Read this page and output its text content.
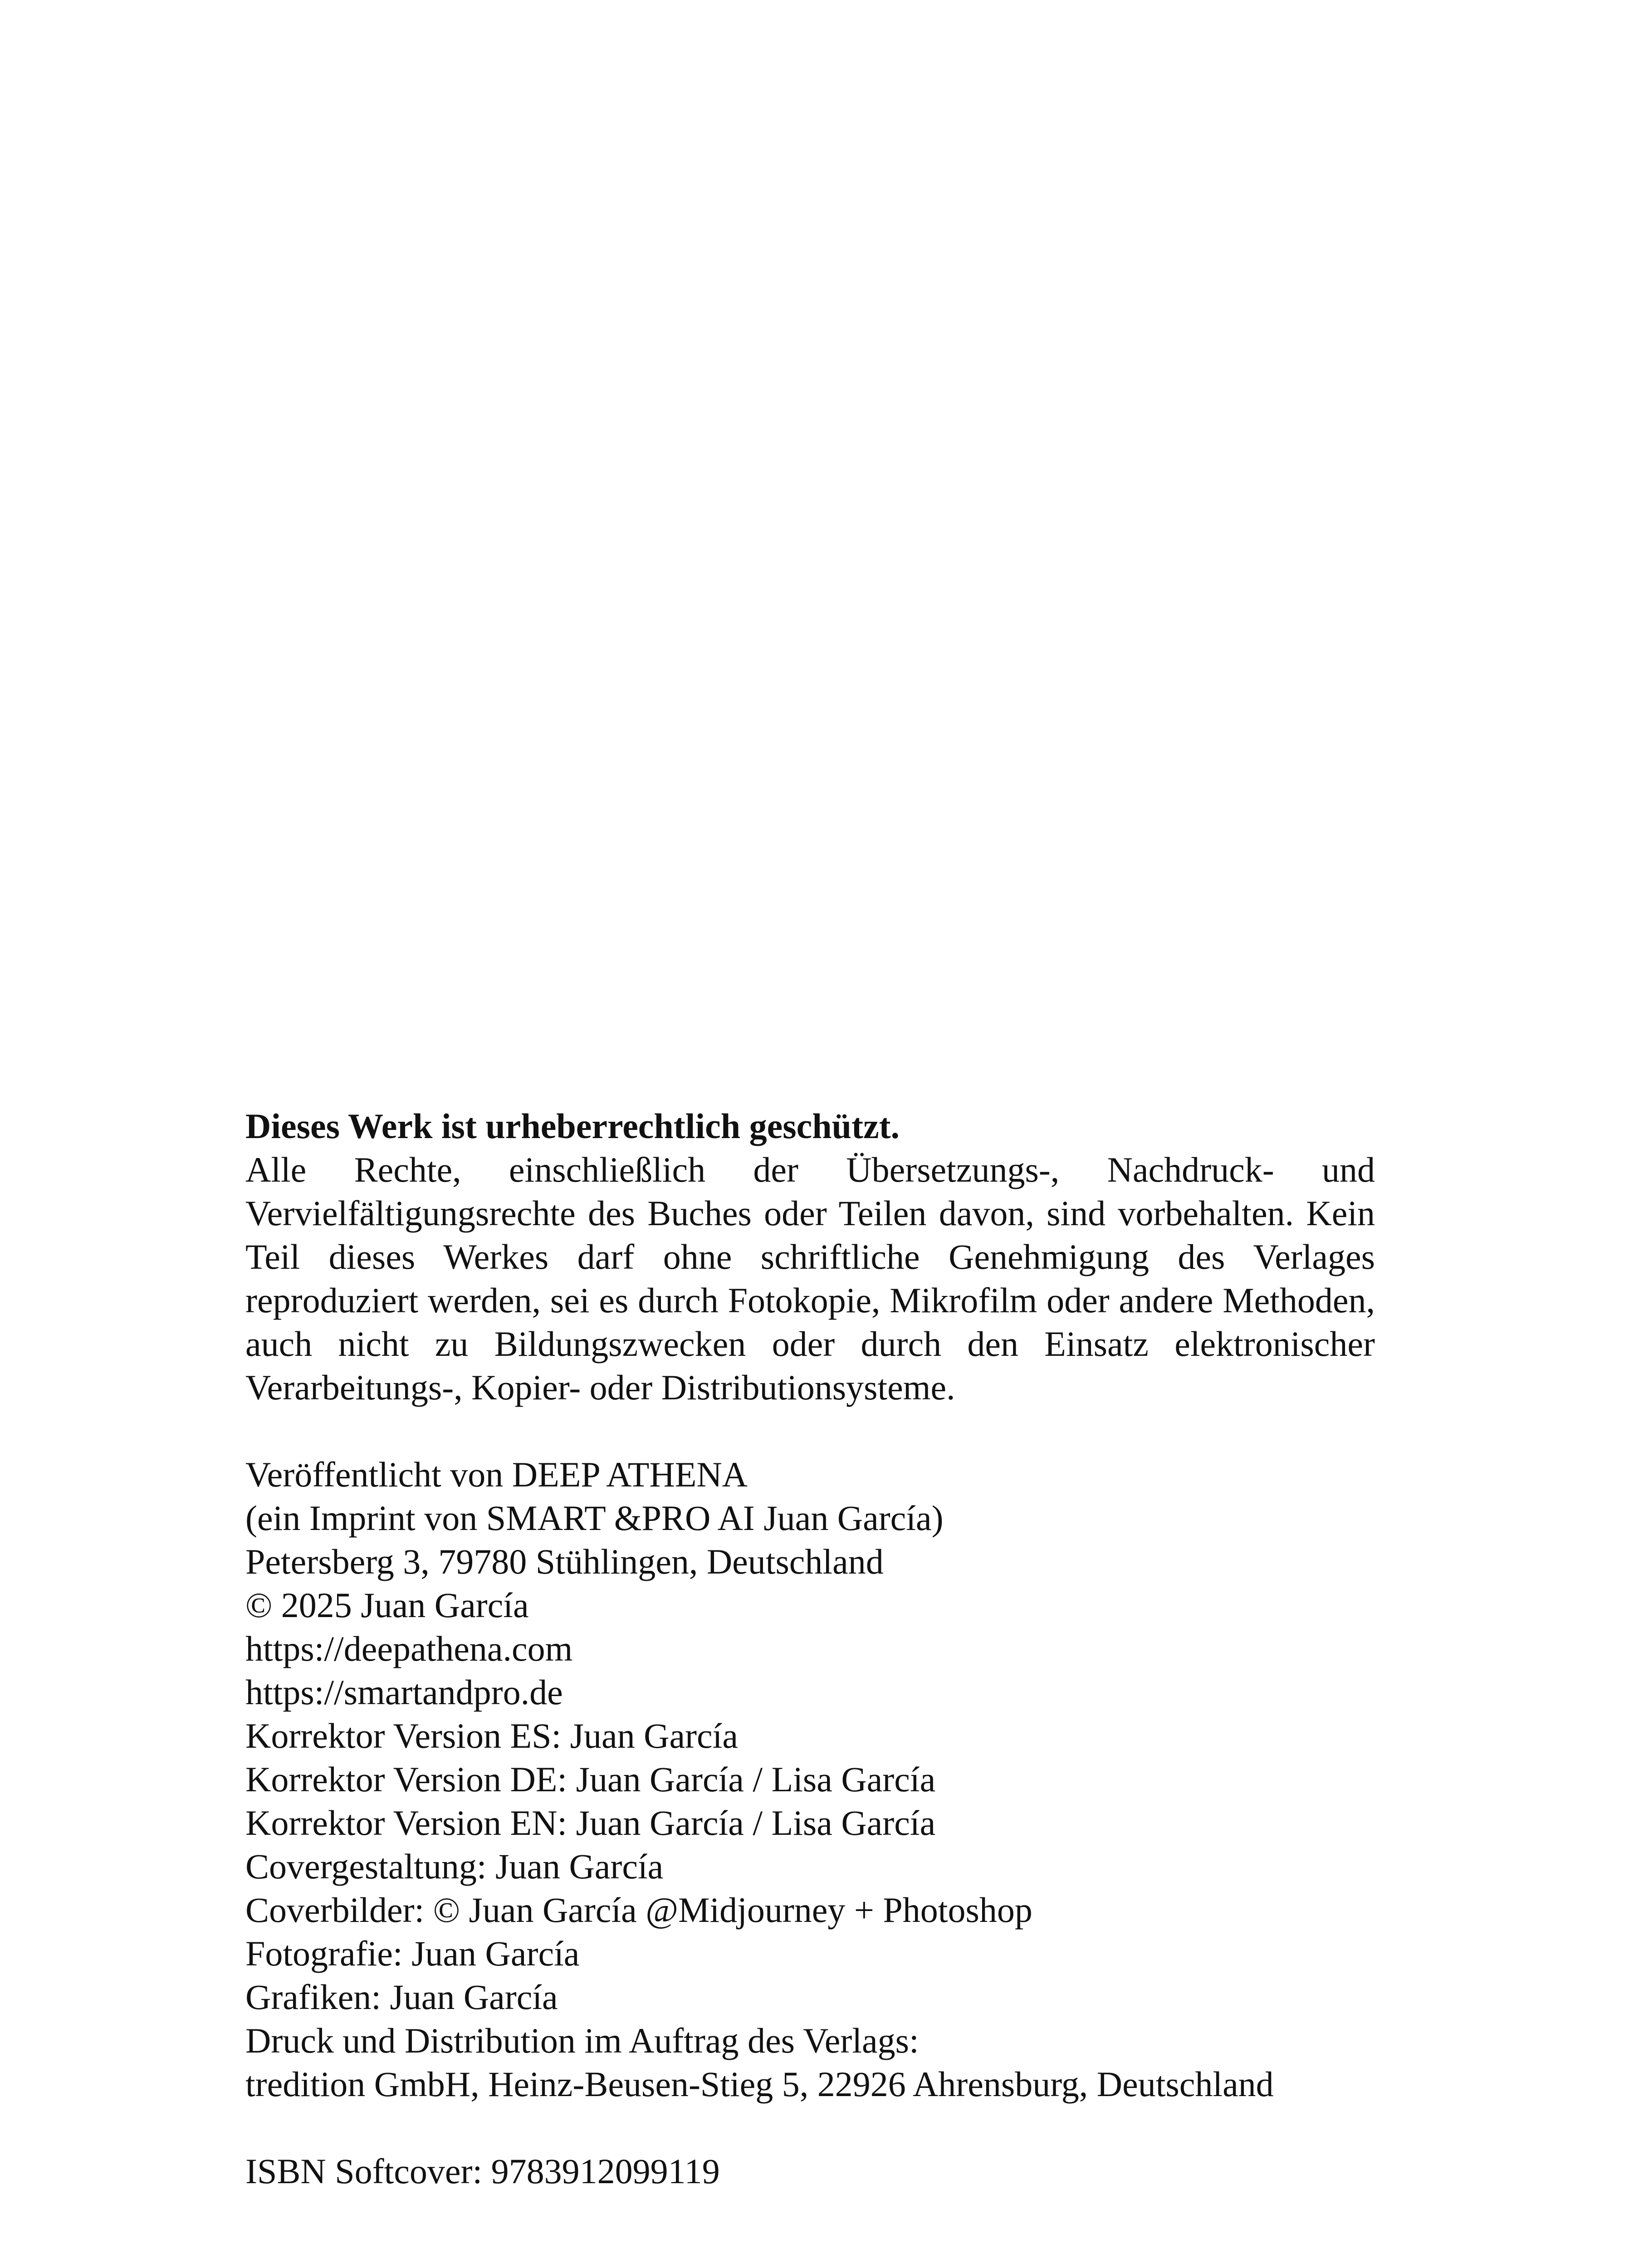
Dieses Werk ist urheberrechtlich geschützt.

Alle Rechte, einschließlich der Übersetzungs-, Nachdruck- und Vervielfältigungsrechte des Buches oder Teilen davon, sind vorbehalten. Kein Teil dieses Werkes darf ohne schriftliche Genehmigung des Verlages reproduziert werden, sei es durch Fotokopie, Mikrofilm oder andere Methoden, auch nicht zu Bildungszwecken oder durch den Einsatz elektronischer Verarbeitungs-, Kopier- oder Distributionsysteme.

Veröffentlicht von DEEP ATHENA
(ein Imprint von SMART &PRO AI Juan García)
Petersberg 3, 79780 Stühlingen, Deutschland
© 2025 Juan García
https://deepathena.com
https://smartandpro.de
Korrektor Version ES: Juan García
Korrektor Version DE: Juan García / Lisa García
Korrektor Version EN: Juan García / Lisa García
Covergestaltung: Juan García
Coverbilder: © Juan García @Midjourney + Photoshop
Fotografie: Juan García
Grafiken: Juan García
Druck und Distribution im Auftrag des Verlags:
tredition GmbH, Heinz-Beusen-Stieg 5, 22926 Ahrensburg, Deutschland
ISBN Softcover: 9783912099119
